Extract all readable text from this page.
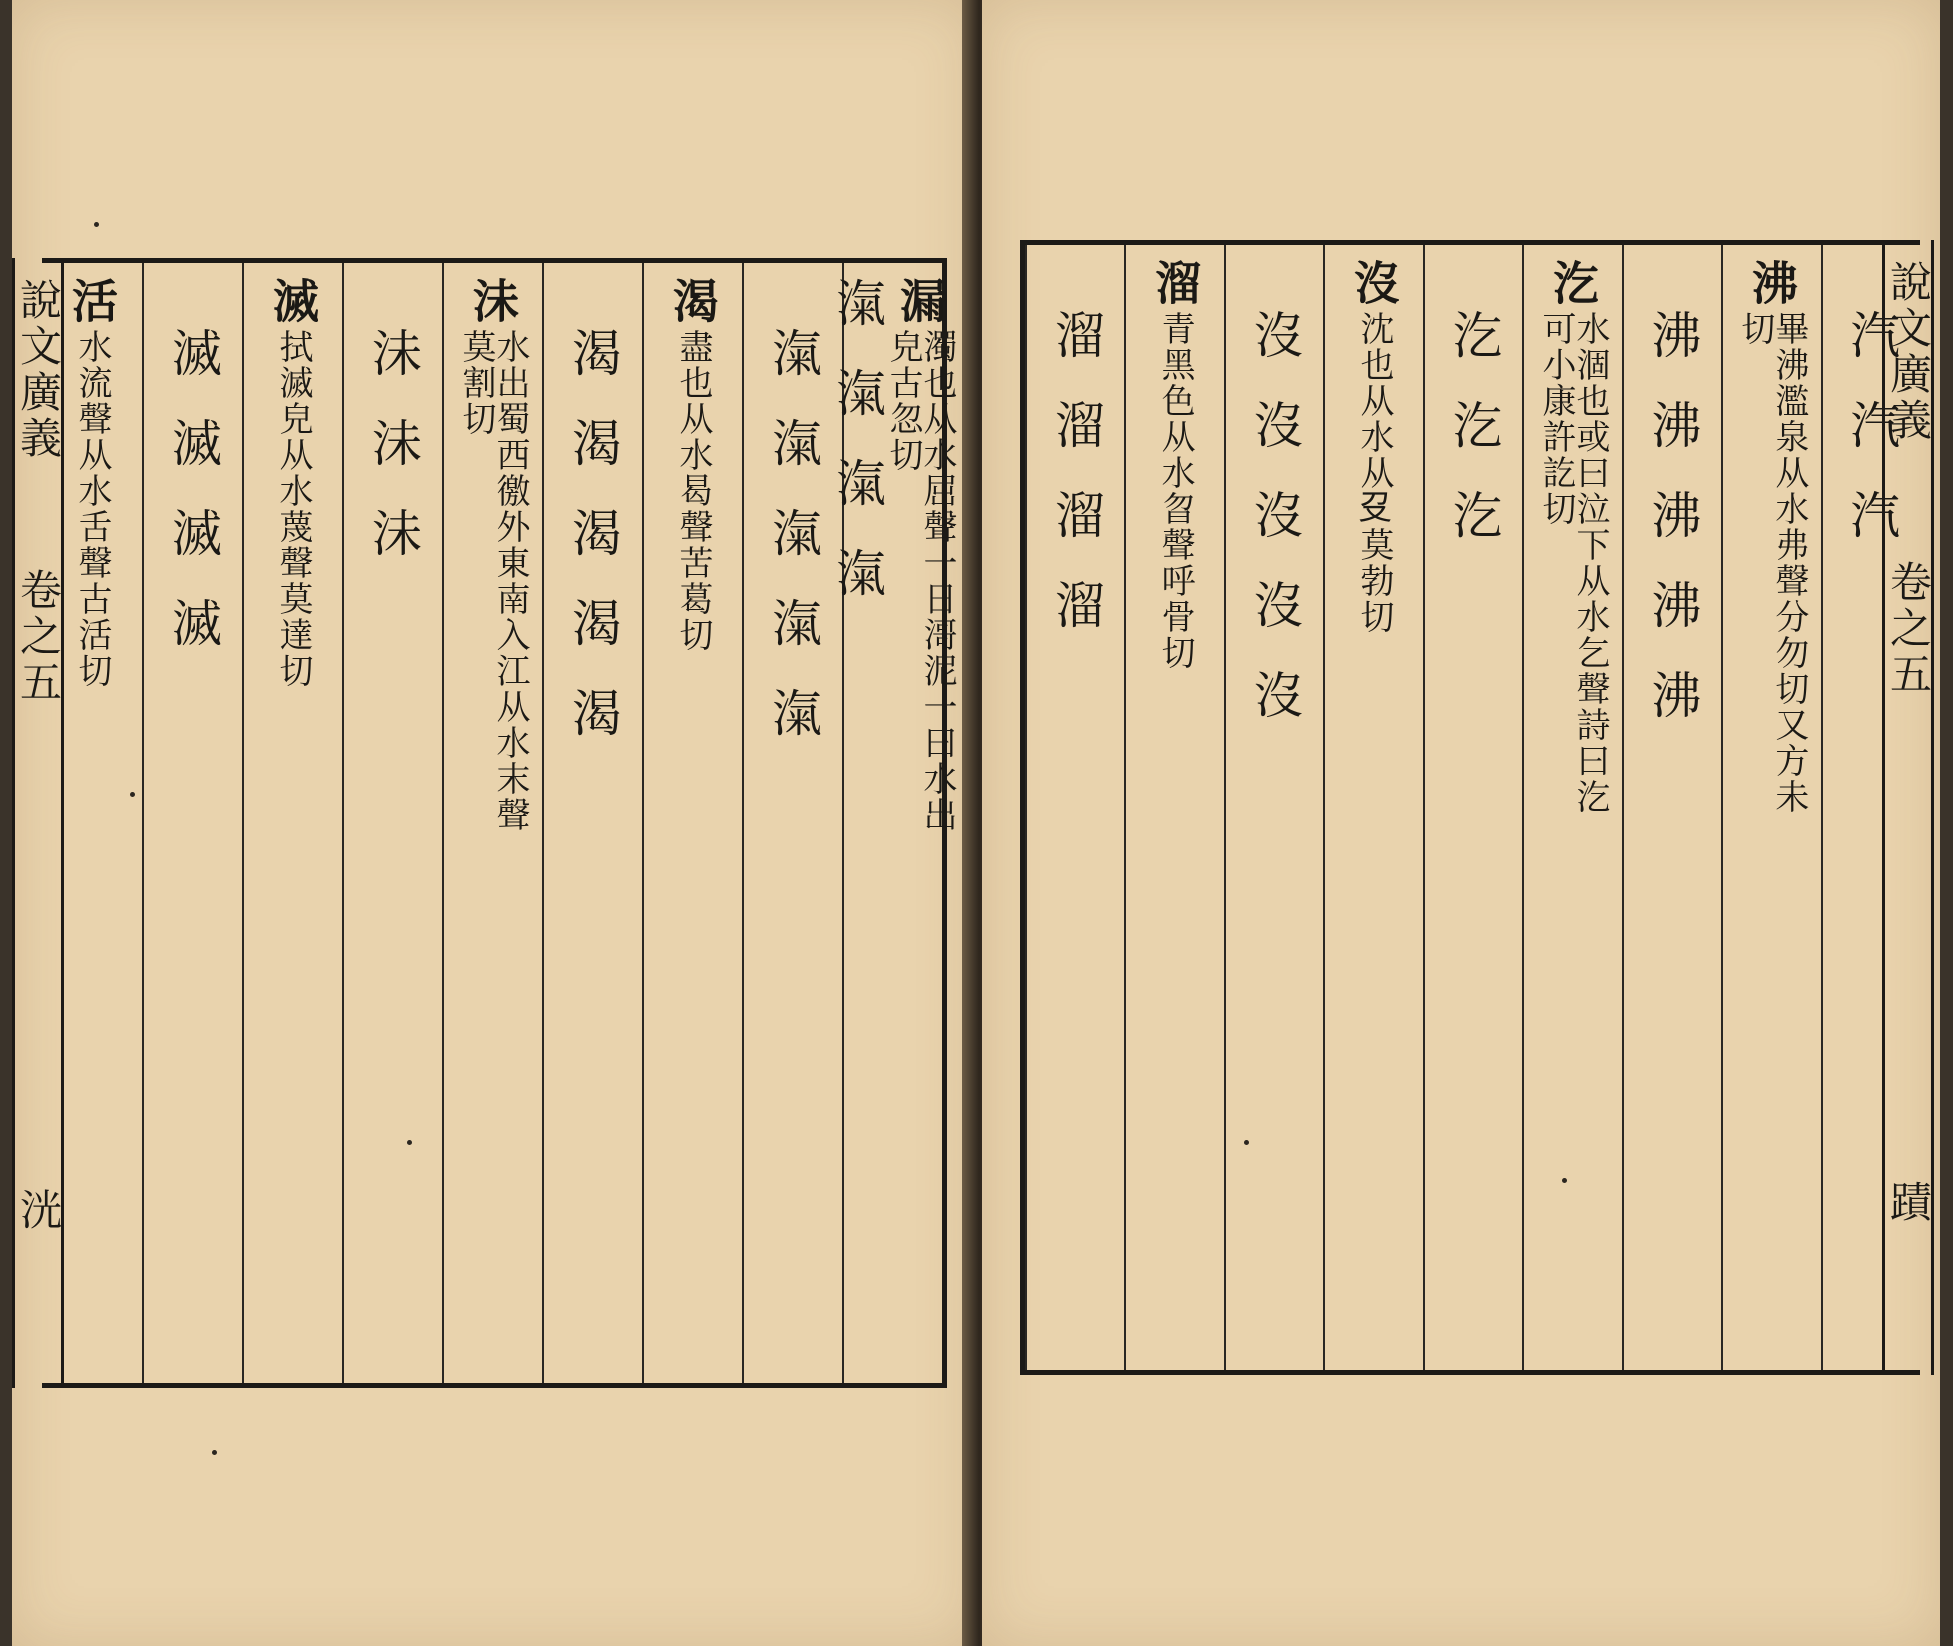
說文廣義
卷之五
洸
漏
濁也从水屈聲一日滒泥一曰水出皃古忽切
滊滊滊滊
滊滊滊滊滊
渴
盡也从水曷聲苦葛切
渴渴渴渴渴
沬
水出蜀西徼外東南入江从水末聲莫割切
沬沬沬
滅
拭滅皃从水蔑聲莫達切
滅滅滅滅
活
水流聲从水舌聲古活切	汽汽汽
沸
畢沸濫泉从水弗聲分勿切又方未切
沸沸沸沸沸
汔
水涸也或曰泣下从水乞聲詩曰汔可小康許訖切
汔汔汔
沒
沈也从水从𠬛莫勃切
沒沒沒沒沒
溜
青黑色从水曶聲呼骨切
溜溜溜溜	說文廣義
卷之五
蹟
